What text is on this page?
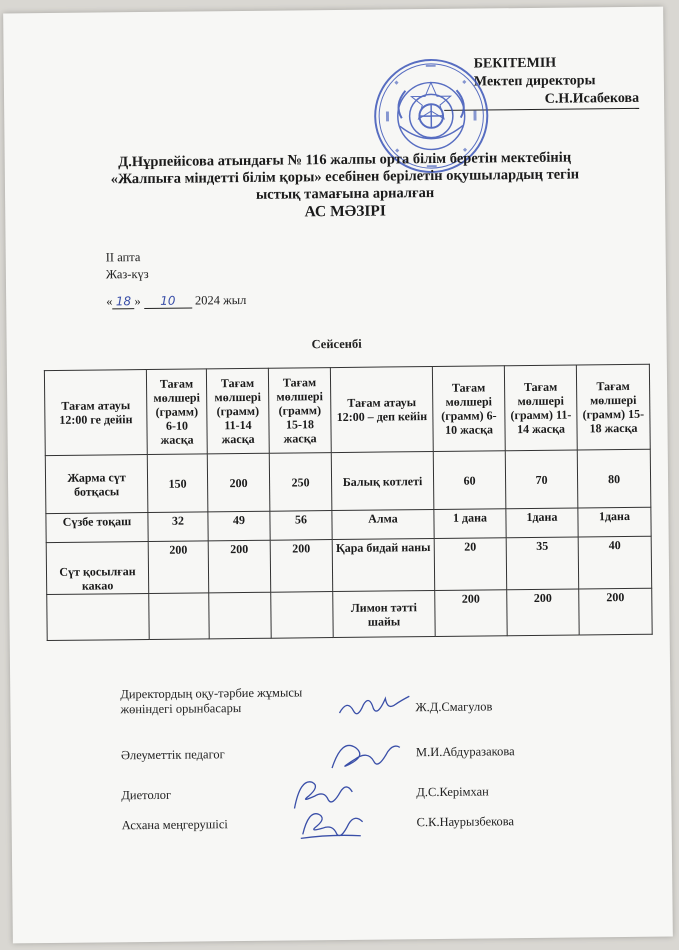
БЕКІТЕМІН
Мектеп директоры
С.Н.Исабекова
Д.Нұрпейісова атындағы № 116 жалпы орта білім беретін мектебінің
«Жалпыға міндетті білім қоры» есебінен берілетін оқушылардың тегін
ыстық тамағына арналған
АС МӘЗІРІ
II апта
Жаз-күз
« 18 » 10 2024 жыл
Сейсенбі
Тағам атауы 12:00 ге дейін	Тағам мөлшері (грамм) 6-10 жасқа	Тағам мөлшері (грамм) 11-14 жасқа	Тағам мөлшері (грамм) 15-18 жасқа	Тағам атауы 12:00 – деп кейін	Тағам мөлшері (грамм) 6-10 жасқа	Тағам мөлшері (грамм) 11-14 жасқа	Тағам мөлшері (грамм) 15-18 жасқа
Жарма сүт ботқасы	150	200	250	Балық котлеті	60	70	80
Сүзбе тоқаш	32	49	56	Алма	1 дана	1дана	1дана
Сүт қосылған какао	200	200	200	Қара бидай наны	20	35	40
				Лимон тәтті шайы	200	200	200
Директордың оқу-тәрбие жұмысы жөніндегі орынбасары	Ж.Д.Смагулов
Әлеуметтік педагог	М.И.Абдуразакова
Диетолог	Д.С.Керімхан
Асхана меңгерушісі	С.К.Наурызбекова
